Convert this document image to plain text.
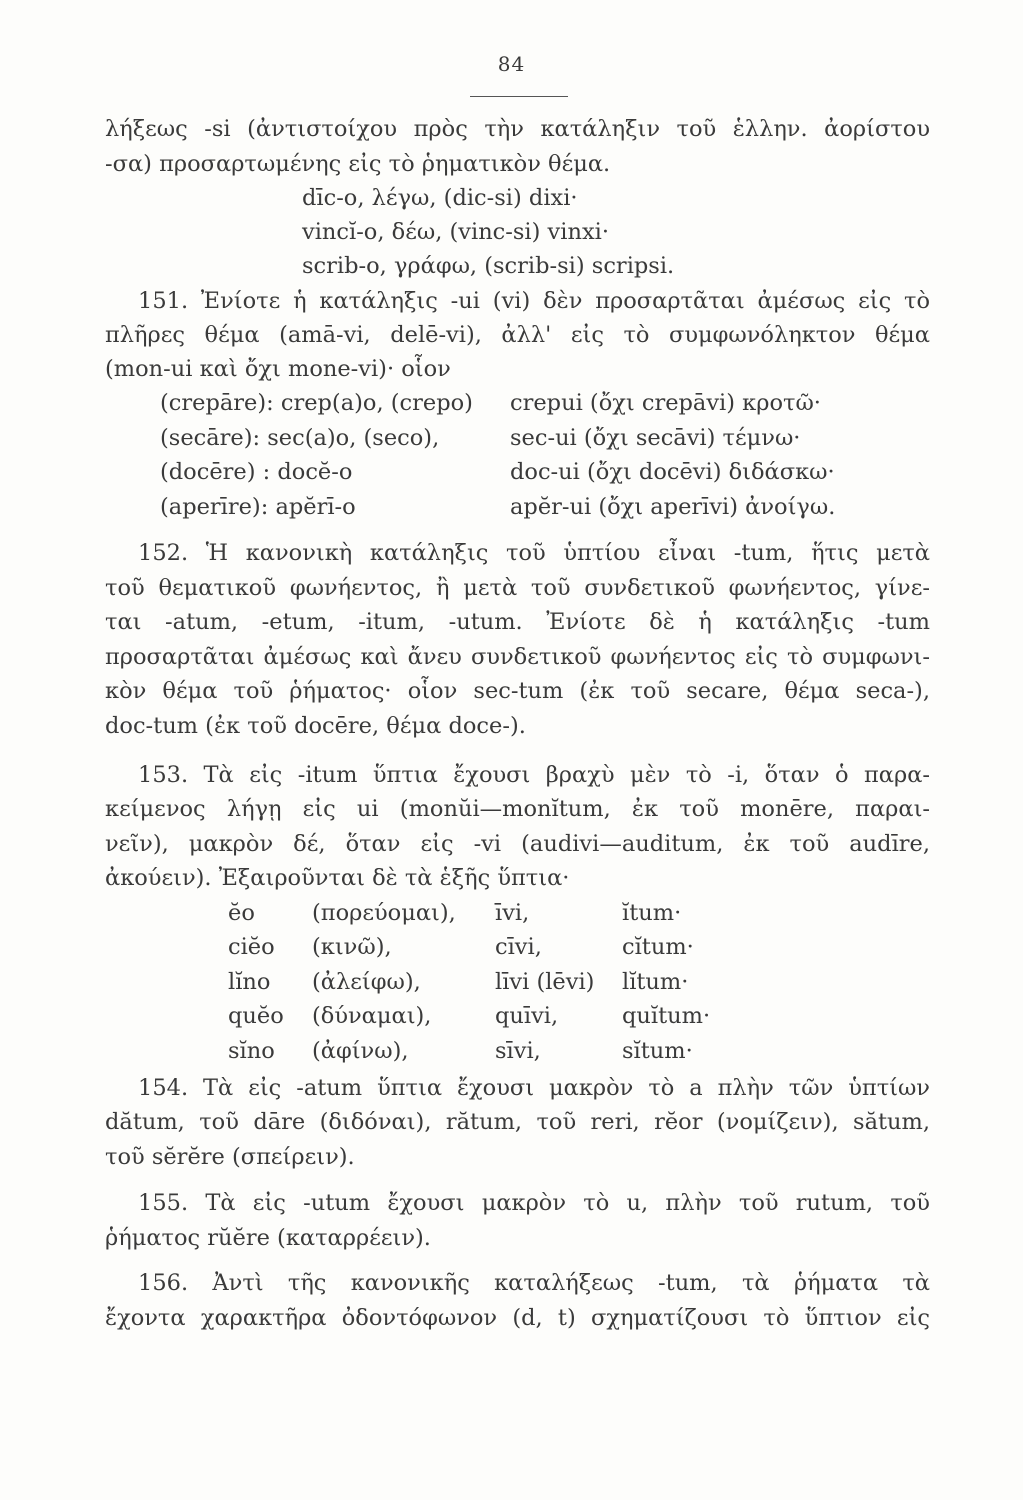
84
λήξεως -si (ἀντιστοίχου πρὸς τὴν κατάληξιν τοῦ ἑλλην. ἀορίστου
-σα) προσαρτωμένης εἰς τὸ ῥηματικὸν θέμα.
dīc-o, λέγω, (dic-si) dixi·
vincĭ-o, δέω, (vinc-si) vinxi·
scrib-o, γράφω, (scrib-si) scripsi.
151. Ἐνίοτε ἡ κατάληξις -ui (vi) δὲν προσαρτᾶται ἀμέσως εἰς τὸ
πλῆρες θέμα (amā-vi, delē-vi), ἀλλ' εἰς τὸ συμφωνόληκτον θέμα
(mon-ui καὶ ὄχι mone-vi)· οἷον
(crepāre): crep(a)o, (crepo) crepui (ὄχι crepāvi) κροτῶ·
(secāre): sec(a)o, (seco),	sec-ui (ὄχι secāvi) τέμνω·
(docēre) : docĕ-o	doc-ui (ὄχι docēvi) διδάσκω·
(aperīre): apĕrī-o	apĕr-ui (ὄχι aperīvi) ἀνοίγω.
152. Ἡ κανονικὴ κατάληξις τοῦ ὑπτίου εἶναι -tum, ἥτις μετὰ
τοῦ θεματικοῦ φωνήεντος, ἢ μετὰ τοῦ συνδετικοῦ φωνήεντος, γίνε-
ται -atum, -etum, -itum, -utum. Ἐνίοτε δὲ ἡ κατάληξις -tum
προσαρτᾶται ἀμέσως καὶ ἄνευ συνδετικοῦ φωνήεντος εἰς τὸ συμφωνι-
κὸν θέμα τοῦ ῥήματος· οἷον sec-tum (ἐκ τοῦ secare, θέμα seca-),
doc-tum (ἐκ τοῦ docēre, θέμα doce-).
153. Τὰ εἰς -itum ὕπτια ἔχουσι βραχὺ μὲν τὸ -i, ὅταν ὁ παρα-
κείμενος λήγῃ εἰς ui (monŭi—monĭtum, ἐκ τοῦ monēre, παραι-
νεῖν), μακρὸν δέ, ὅταν εἰς -vi (audivi—auditum, ἐκ τοῦ audīre,
ἀκούειν). Ἐξαιροῦνται δὲ τὰ ἑξῆς ὕπτια·
ĕo	(πορεύομαι), īvi,	ĭtum·
ciĕo (κινῶ),	cīvi,	cĭtum·
lĭno (ἀλείφω),	līvi (lēvi) lĭtum·
quĕo (δύναμαι),	quīvi,	quĭtum·
sĭno (ἀφίνω),	sīvi,	sĭtum·
154. Τὰ εἰς -atum ὕπτια ἔχουσι μακρὸν τὸ a πλὴν τῶν ὑπτίων
dătum, τοῦ dāre (διδόναι), rătum, τοῦ reri, rĕor (νομίζειν), sătum,
τοῦ sĕrĕre (σπείρειν).
155. Τὰ εἰς -utum ἔχουσι μακρὸν τὸ u, πλὴν τοῦ rutum, τοῦ
ῥήματος rŭĕre (καταρρέειν).
156. Ἀντὶ τῆς κανονικῆς καταλήξεως -tum, τὰ ῥήματα τὰ
ἔχοντα χαρακτῆρα ὀδοντόφωνον (d, t) σχηματίζουσι τὸ ὕπτιον εἰς
